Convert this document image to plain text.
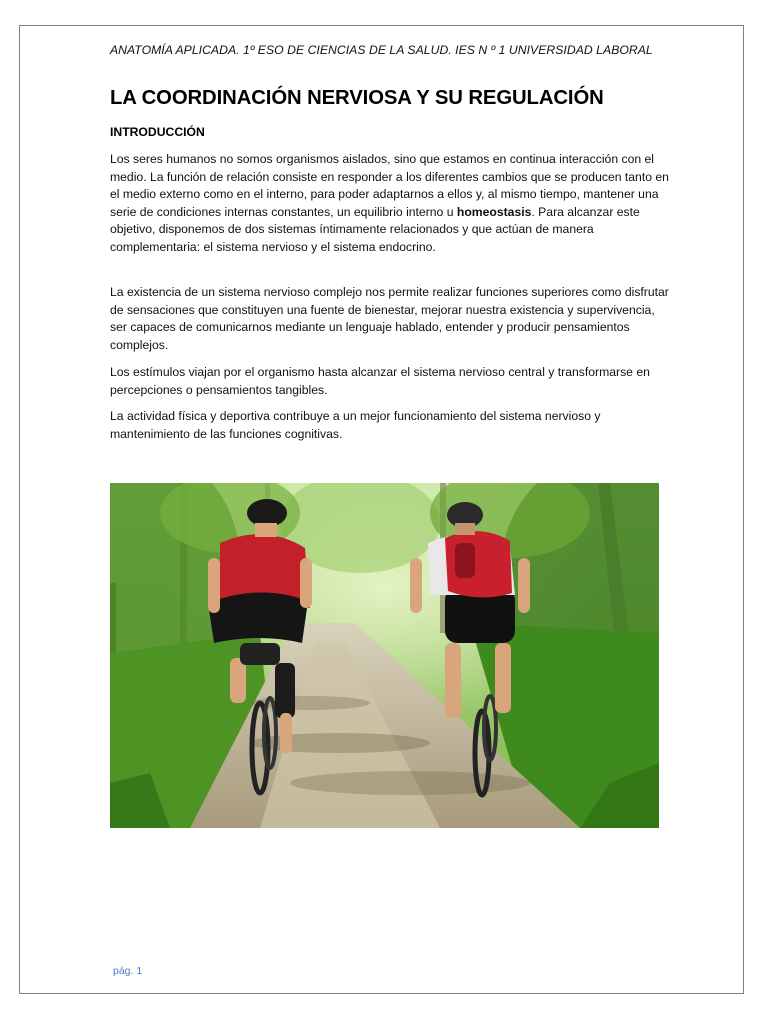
ANATOMÍA APLICADA. 1º ESO DE CIENCIAS DE LA SALUD. IES N º 1 UNIVERSIDAD LABORAL
LA COORDINACIÓN NERVIOSA Y SU REGULACIÓN
INTRODUCCIÓN

Los seres humanos no somos organismos aislados, sino que estamos en continua interacción con el medio. La función de relación consiste en responder a los diferentes cambios que se producen tanto en el medio externo como en el interno, para poder adaptarnos a ellos y, al mismo tiempo, mantener una serie de condiciones internas constantes, un equilibrio interno u homeostasis. Para alcanzar este objetivo, disponemos de dos sistemas íntimamente relacionados y que actúan de manera complementaria: el sistema nervioso y el sistema endocrino.

La existencia de un sistema nervioso complejo nos permite realizar funciones superiores como disfrutar de sensaciones que constituyen una fuente de bienestar, mejorar nuestra existencia y supervivencia, ser capaces de comunicarnos mediante un lenguaje hablado, entender y producir pensamientos complejos.

Los estímulos viajan por el organismo hasta alcanzar el sistema nervioso central y transformarse en percepciones o pensamientos tangibles.

La actividad física y deportiva contribuye a un mejor funcionamiento del sistema nervioso y mantenimiento de las funciones cognitivas.

pág. 1
